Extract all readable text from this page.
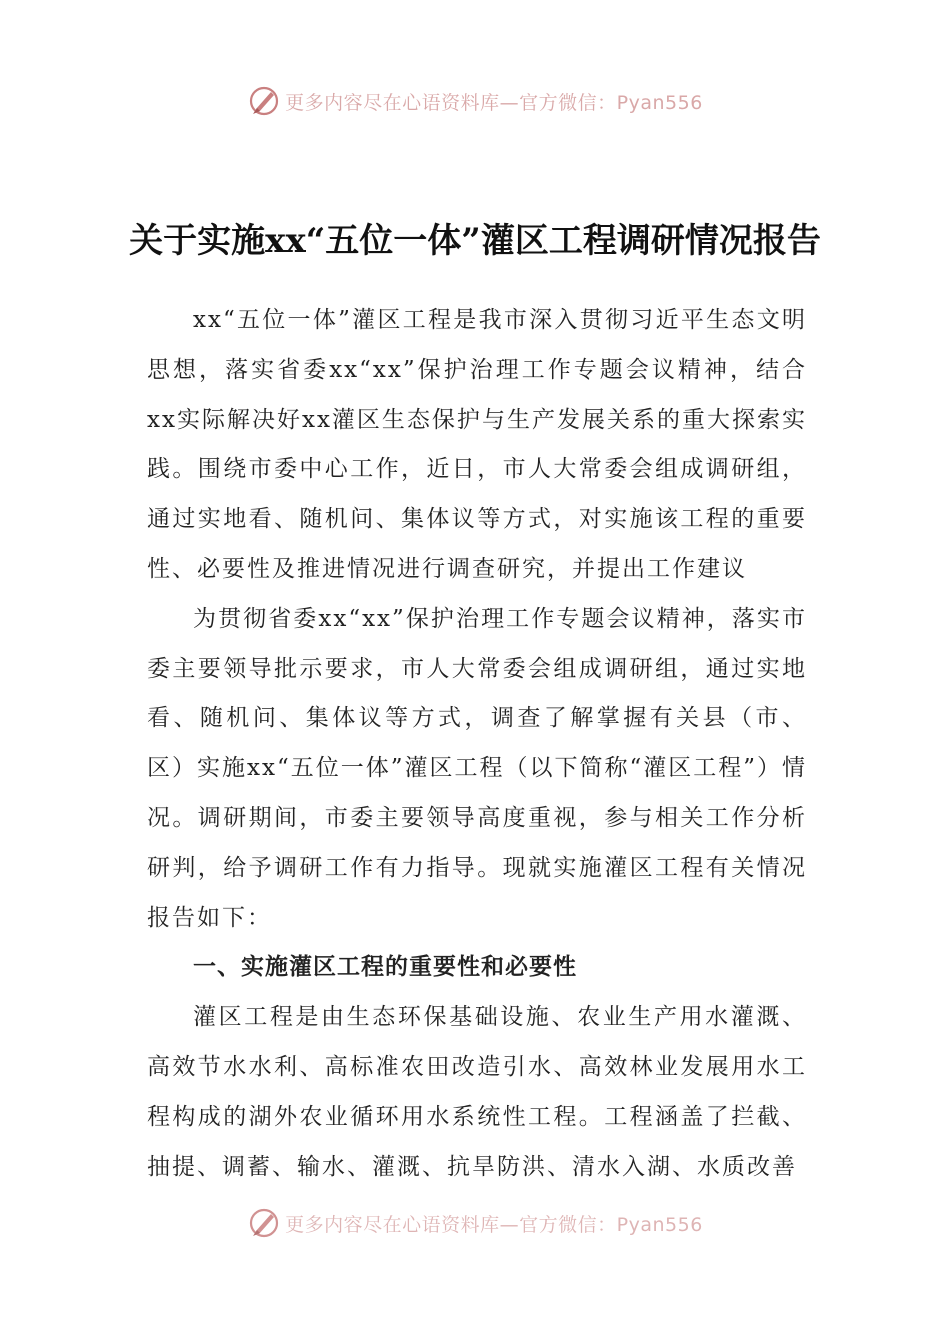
更多内容尽在心语资料库—官方微信：Pyan556
关于实施xx“五位一体”灌区工程调研情况报告

xx“五位一体”灌区工程是我市深入贯彻习近平生态文明思想，落实省委xx“xx”保护治理工作专题会议精神，结合xx实际解决好xx灌区生态保护与生产发展关系的重大探索实践。围绕市委中心工作，近日，市人大常委会组成调研组，通过实地看、随机问、集体议等方式，对实施该工程的重要性、必要性及推进情况进行调查研究，并提出工作建议

为贯彻省委xx“xx”保护治理工作专题会议精神，落实市委主要领导批示要求，市人大常委会组成调研组，通过实地看、随机问、集体议等方式，调查了解掌握有关县（市、区）实施xx“五位一体”灌区工程（以下简称“灌区工程”）情况。调研期间，市委主要领导高度重视，参与相关工作分析研判，给予调研工作有力指导。现就实施灌区工程有关情况报告如下：

一、实施灌区工程的重要性和必要性

灌区工程是由生态环保基础设施、农业生产用水灌溉、高效节水水利、高标准农田改造引水、高效林业发展用水工程构成的湖外农业循环用水系统性工程。工程涵盖了拦截、抽提、调蓄、输水、灌溉、抗旱防洪、清水入湖、水质改善

更多内容尽在心语资料库—官方微信：Pyan556
